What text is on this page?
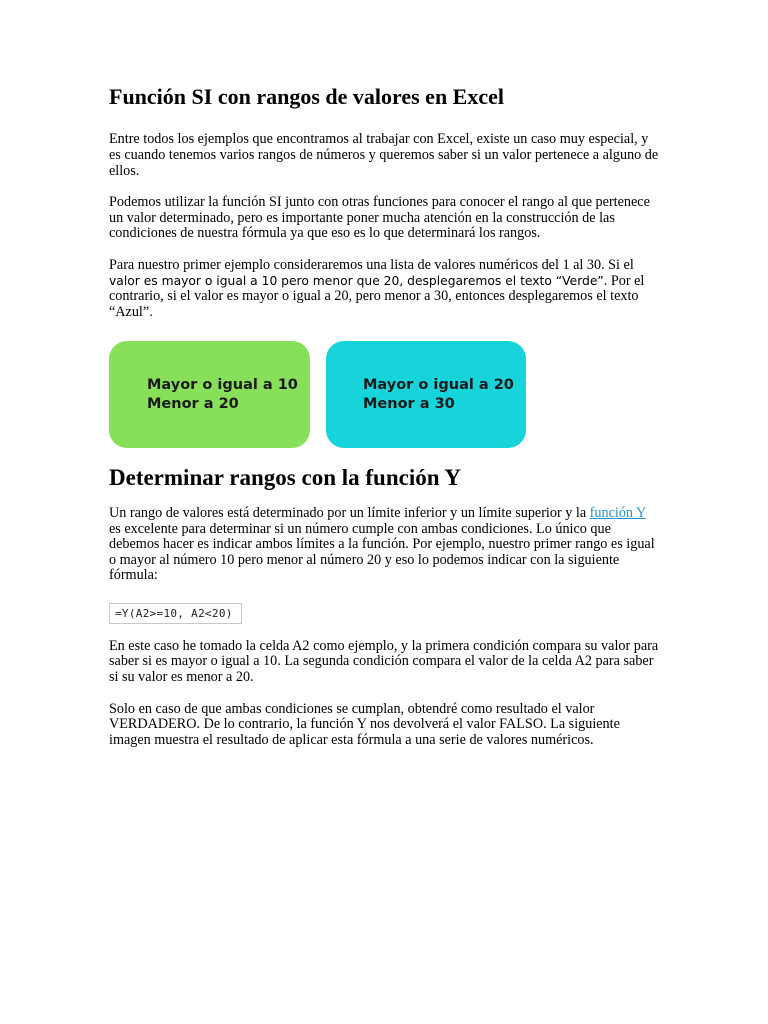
Función SI con rangos de valores en Excel

Entre todos los ejemplos que encontramos al trabajar con Excel, existe un caso muy especial, y es cuando tenemos varios rangos de números y queremos saber si un valor pertenece a alguno de ellos.

Podemos utilizar la función SI junto con otras funciones para conocer el rango al que pertenece un valor determinado, pero es importante poner mucha atención en la construcción de las condiciones de nuestra fórmula ya que eso es lo que determinará los rangos.

Para nuestro primer ejemplo consideraremos una lista de valores numéricos del 1 al 30. Si el valor es mayor o igual a 10 pero menor que 20, desplegaremos el texto “Verde”. Por el contrario, si el valor es mayor o igual a 20, pero menor a 30, entonces desplegaremos el texto “Azul”.

Mayor o igual a 10
Menor a 20
Mayor o igual a 20
Menor a 30
Determinar rangos con la función Y

Un rango de valores está determinado por un límite inferior y un límite superior y la función Y es excelente para determinar si un número cumple con ambas condiciones. Lo único que debemos hacer es indicar ambos límites a la función. Por ejemplo, nuestro primer rango es igual o mayor al número 10 pero menor al número 20 y eso lo podemos indicar con la siguiente fórmula:

=Y(A2>=10, A2<20)

En este caso he tomado la celda A2 como ejemplo, y la primera condición compara su valor para saber si es mayor o igual a 10. La segunda condición compara el valor de la celda A2 para saber si su valor es menor a 20.

Solo en caso de que ambas condiciones se cumplan, obtendré como resultado el valor VERDADERO. De lo contrario, la función Y nos devolverá el valor FALSO. La siguiente imagen muestra el resultado de aplicar esta fórmula a una serie de valores numéricos.
